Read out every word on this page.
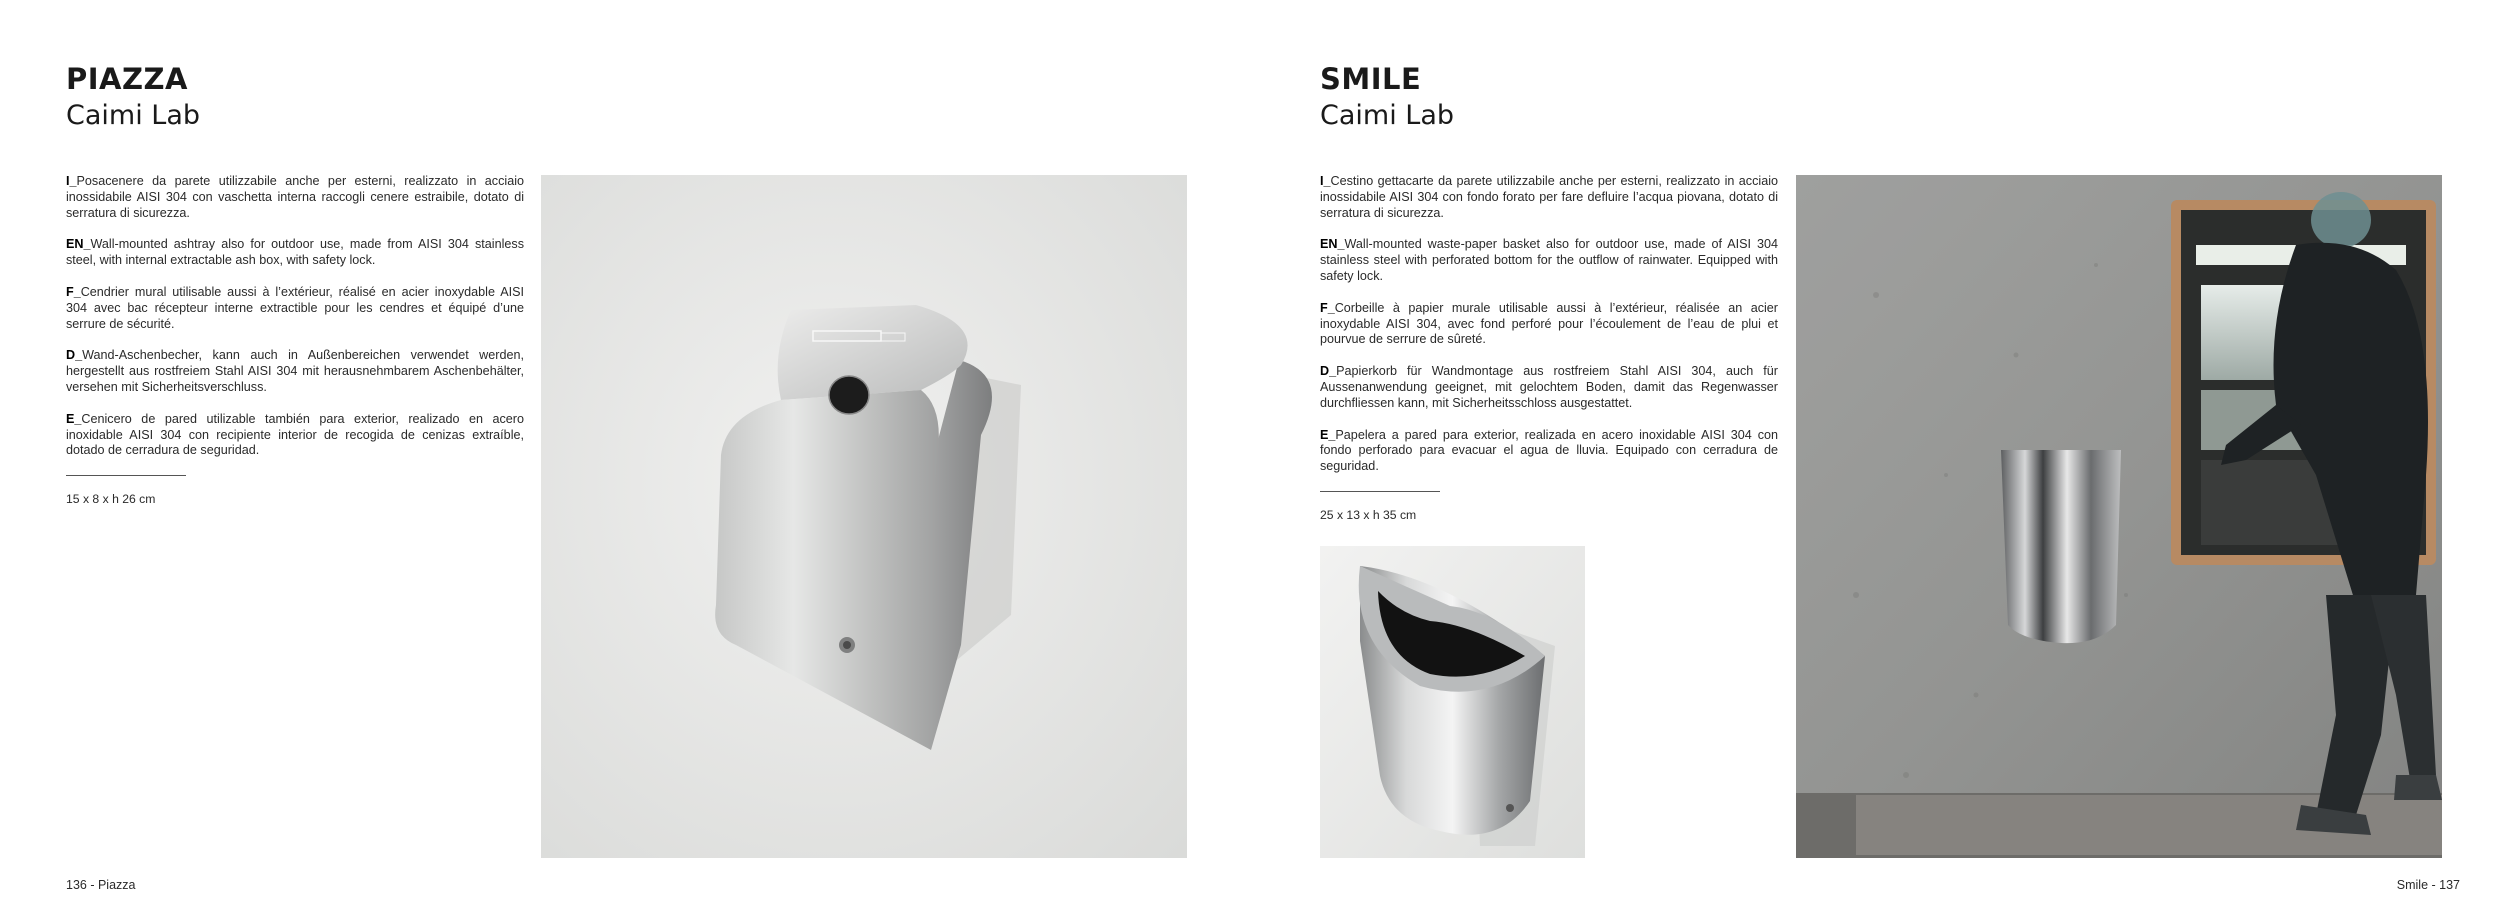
PIAZZA
Caimi Lab

I_Posacenere da parete utilizzabile anche per esterni, realizzato in acciaio inossidabile AISI 304 con vaschetta interna raccogli cenere estraibile, dotato di serratura di sicurezza.

EN_Wall-mounted ashtray also for outdoor use, made from AISI 304 stainless steel, with internal extractable ash box, with safety lock.

F_Cendrier mural utilisable aussi à l’extérieur, réalisé en acier inoxydable AISI 304 avec bac récepteur interne extractible pour les cendres et équipé d’une serrure de sécurité.

D_Wand-Aschenbecher, kann auch in Außenbereichen verwendet werden, hergestellt aus rostfreiem Stahl AISI 304 mit herausnehmbarem Aschenbehälter, versehen mit Sicherheitsverschluss.

E_Cenicero de pared utilizable también para exterior, realizado en acero inoxidable AISI 304 con recipiente interior de recogida de cenizas extraíble, dotado de cerradura de seguridad.

15 x 8 x h 26 cm

136 - Piazza
SMILE
Caimi Lab

I_Cestino gettacarte da parete utilizzabile anche per esterni, realizzato in acciaio inossidabile AISI 304 con fondo forato per fare defluire l’acqua piovana, dotato di serratura di sicurezza.

EN_Wall-mounted waste-paper basket also for outdoor use, made of AISI 304 stainless steel with perforated bottom for the outflow of rainwater. Equipped with safety lock.

F_Corbeille à papier murale utilisable aussi à l’extérieur, réalisée an acier inoxydable AISI 304, avec fond perforé pour l’écoulement de l’eau de plui et pourvue de serrure de sûreté.

D_Papierkorb für Wandmontage aus rostfreiem Stahl AISI 304, auch für Aussenanwendung geeignet, mit gelochtem Boden, damit das Regenwasser durchfliessen kann, mit Sicherheitsschloss ausgestattet.

E_Papelera a pared para exterior, realizada en acero inoxidable AISI 304 con fondo perforado para evacuar el agua de lluvia. Equipado con cerradura de seguridad.

25 x 13 x h 35 cm

Smile - 137
